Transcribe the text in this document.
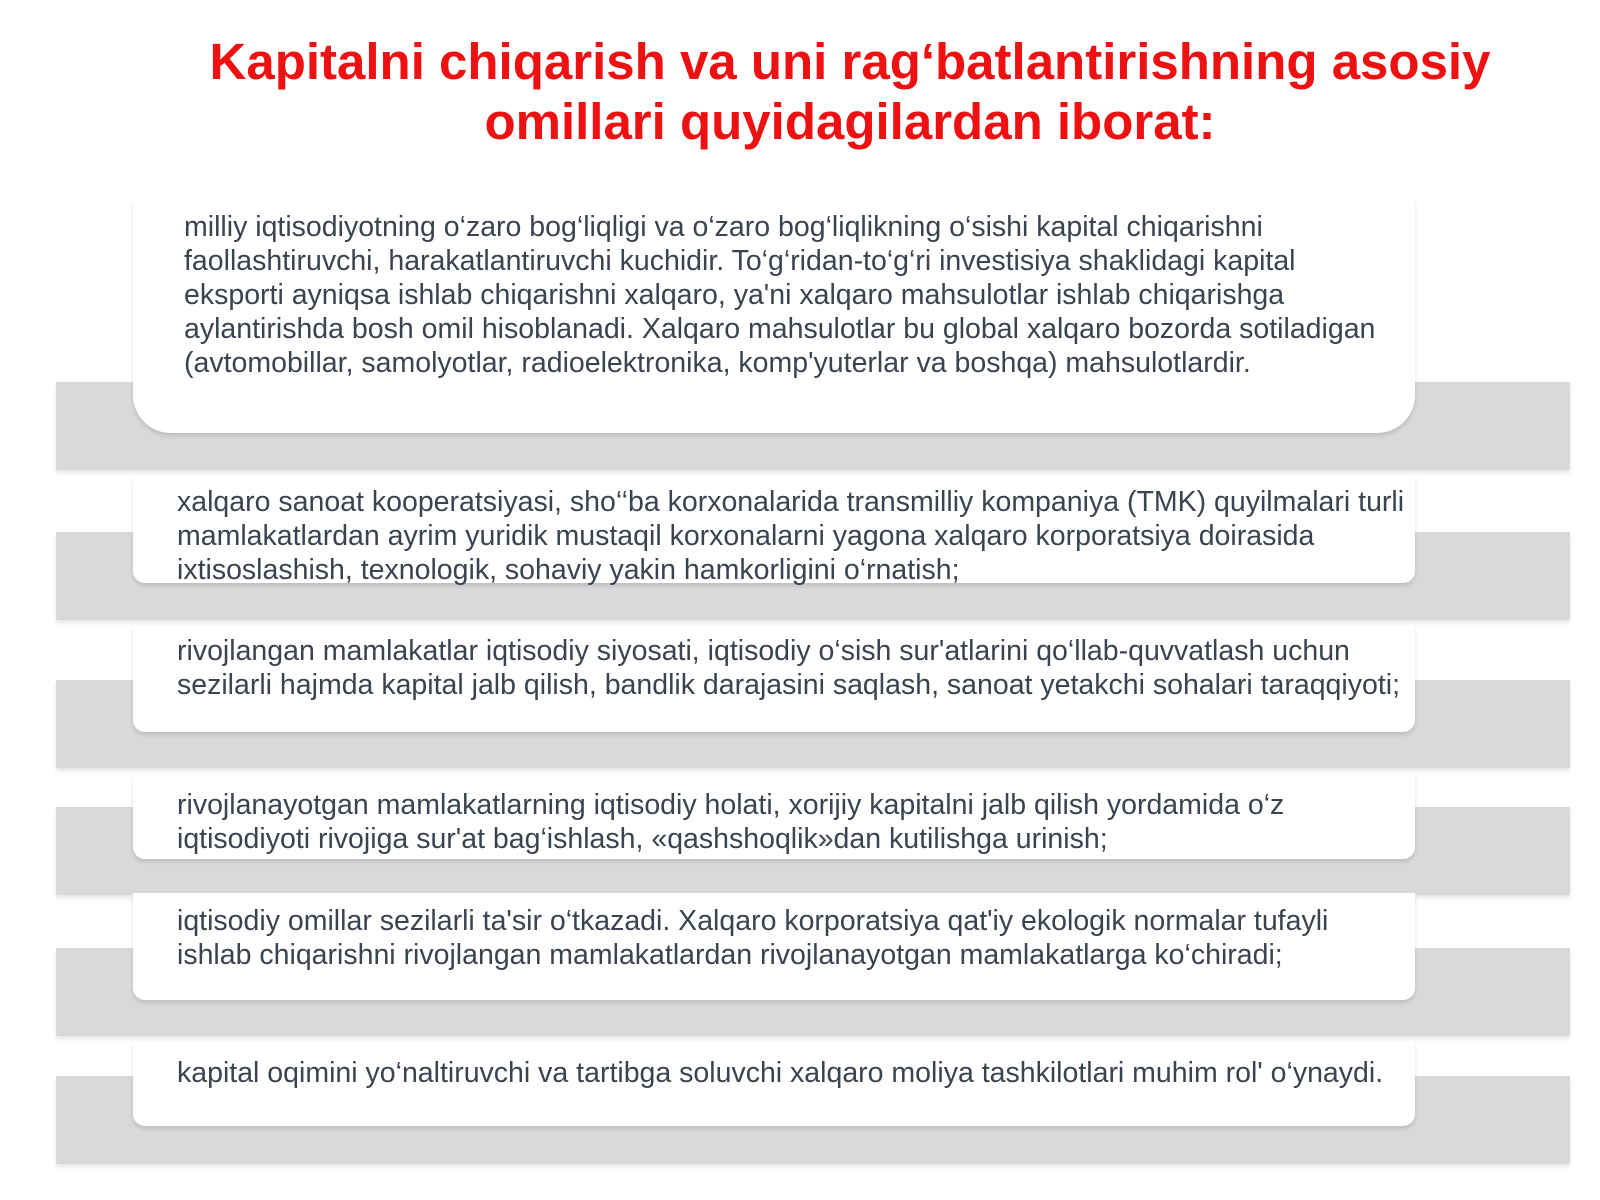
Kapitalni chiqarish va uni rag‘batlantirishning asosiy omillari quyidagilardan iborat:

milliy iqtisodiyotning o‘zaro bog‘liqligi va o‘zaro bog‘liqlikning o‘sishi kapital chiqarishni faollashtiruvchi, harakatlantiruvchi kuchidir. To‘g‘ridan-to‘g‘ri investisiya shaklidagi kapital eksporti ayniqsa ishlab chiqarishni xalqaro, ya'ni xalqaro mahsulotlar ishlab chiqarishga aylantirishda bosh omil hisoblanadi. Xalqaro mahsulotlar bu global xalqaro bozorda sotiladigan (avtomobillar, samolyotlar, radioelektronika, komp'yuterlar va boshqa) mahsulotlardir.

xalqaro sanoat kooperatsiyasi, sho‘‘ba korxonalarida transmilliy kompaniya (TMK) quyilmalari turli mamlakatlardan ayrim yuridik mustaqil korxonalarni yagona xalqaro korporatsiya doirasida ixtisoslashish, texnologik, sohaviy yakin hamkorligini o‘rnatish;

rivojlangan mamlakatlar iqtisodiy siyosati, iqtisodiy o‘sish sur'atlarini qo‘llab-quvvatlash uchun sezilarli hajmda kapital jalb qilish, bandlik darajasini saqlash, sanoat yetakchi sohalari taraqqiyoti;

rivojlanayotgan mamlakatlarning iqtisodiy holati, xorijiy kapitalni jalb qilish yordamida o‘z iqtisodiyoti rivojiga sur'at bag‘ishlash, «qashshoqlik»dan kutilishga urinish;

iqtisodiy omillar sezilarli ta'sir o‘tkazadi. Xalqaro korporatsiya qat'iy ekologik normalar tufayli ishlab chiqarishni rivojlangan mamlakatlardan rivojlanayotgan mamlakatlarga ko‘chiradi;

kapital oqimini yo‘naltiruvchi va tartibga soluvchi xalqaro moliya tashkilotlari muhim rol' o‘ynaydi.
